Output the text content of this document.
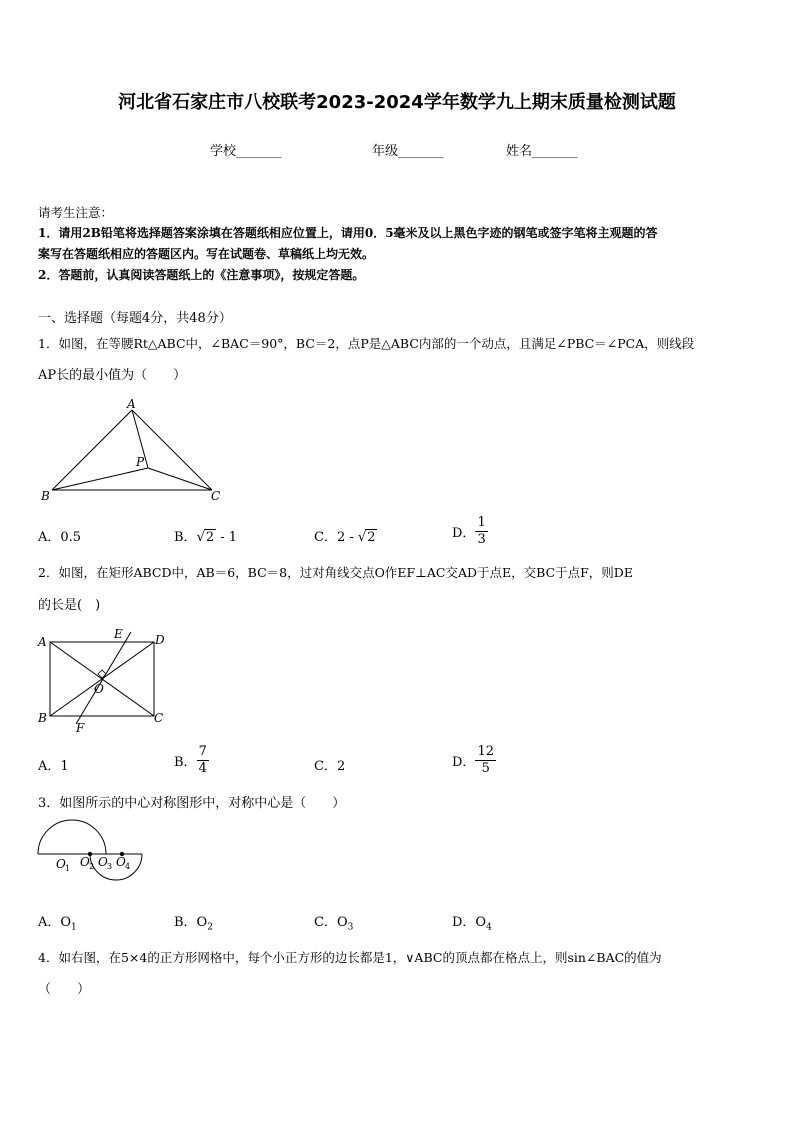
河北省石家庄市八校联考2023-2024学年数学九上期末质量检测试题
学校_______	年级_______	姓名_______
请考生注意：
1．请用2B铅笔将选择题答案涂填在答题纸相应位置上，请用0．5毫米及以上黑色字迹的钢笔或签字笔将主观题的答
案写在答题纸相应的答题区内。写在试题卷、草稿纸上均无效。
2．答题前，认真阅读答题纸上的《注意事项》，按规定答题。
一、选择题（每题4分，共48分）
1．如图，在等腰Rt△ABC中，∠BAC＝90°，BC＝2，点P是△ABC内部的一个动点，且满足∠PBC＝∠PCA，则线段
AP长的最小值为（　　）
A
B	C
P
A．0.5	B．√2 - 1	C．2 - √2	D． $\frac{1}{3}$
2．如图，在矩形ABCD中，AB＝6，BC＝8，过对角线交点O作EF⊥AC交AD于点E，交BC于点F，则DE
的长是(　)
A
B	C
D
E
F
O
A．1	B． $\frac{7}{4}$	C．2	D． $\frac{12}{5}$
3．如图所示的中心对称图形中，对称中心是（　　）
O 1 O 2 O 3 O 4
A．$O_1$	B．$O_2$	C．$O_3$	D．$O_4$
4．如右图，在5×4的正方形网格中，每个小正方形的边长都是1，∨ABC的顶点都在格点上，则sin∠BAC的值为
（　　）
